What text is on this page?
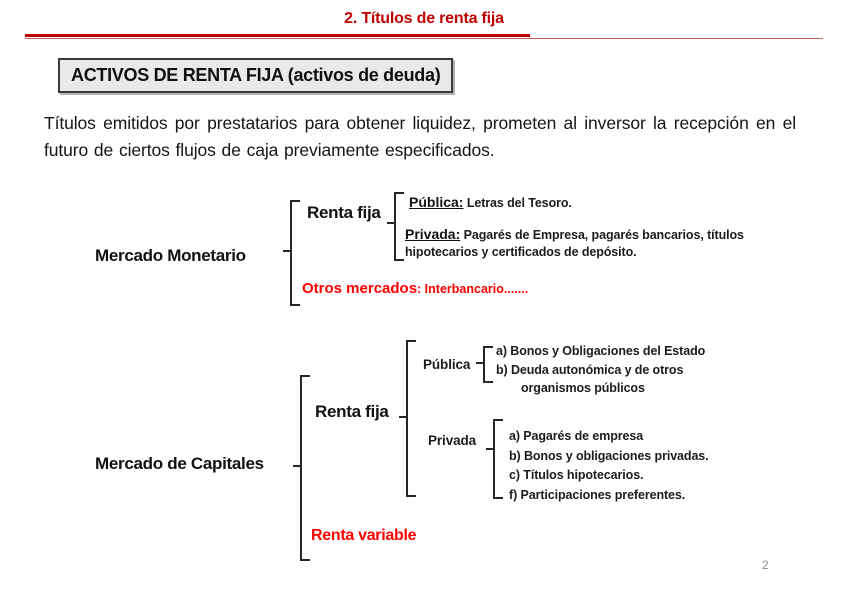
2. Títulos de renta fija
ACTIVOS DE RENTA FIJA (activos de deuda)
Títulos emitidos por prestatarios para obtener liquidez, prometen al inversor la recepción en el futuro de ciertos flujos de caja previamente especificados.
Mercado Monetario
Renta fija
Pública: Letras del Tesoro.
Privada: Pagarés de Empresa, pagarés bancarios, títulos hipotecarios y certificados de depósito.
Otros mercados: Interbancario.......
Mercado de Capitales
Renta fija
Pública
a) Bonos y Obligaciones del Estado
b) Deuda autonómica y de otros
organismos públicos
Privada	a) Pagarés de empresa
b) Bonos y obligaciones privadas.
c) Títulos hipotecarios.
f) Participaciones preferentes.
Renta variable
2
